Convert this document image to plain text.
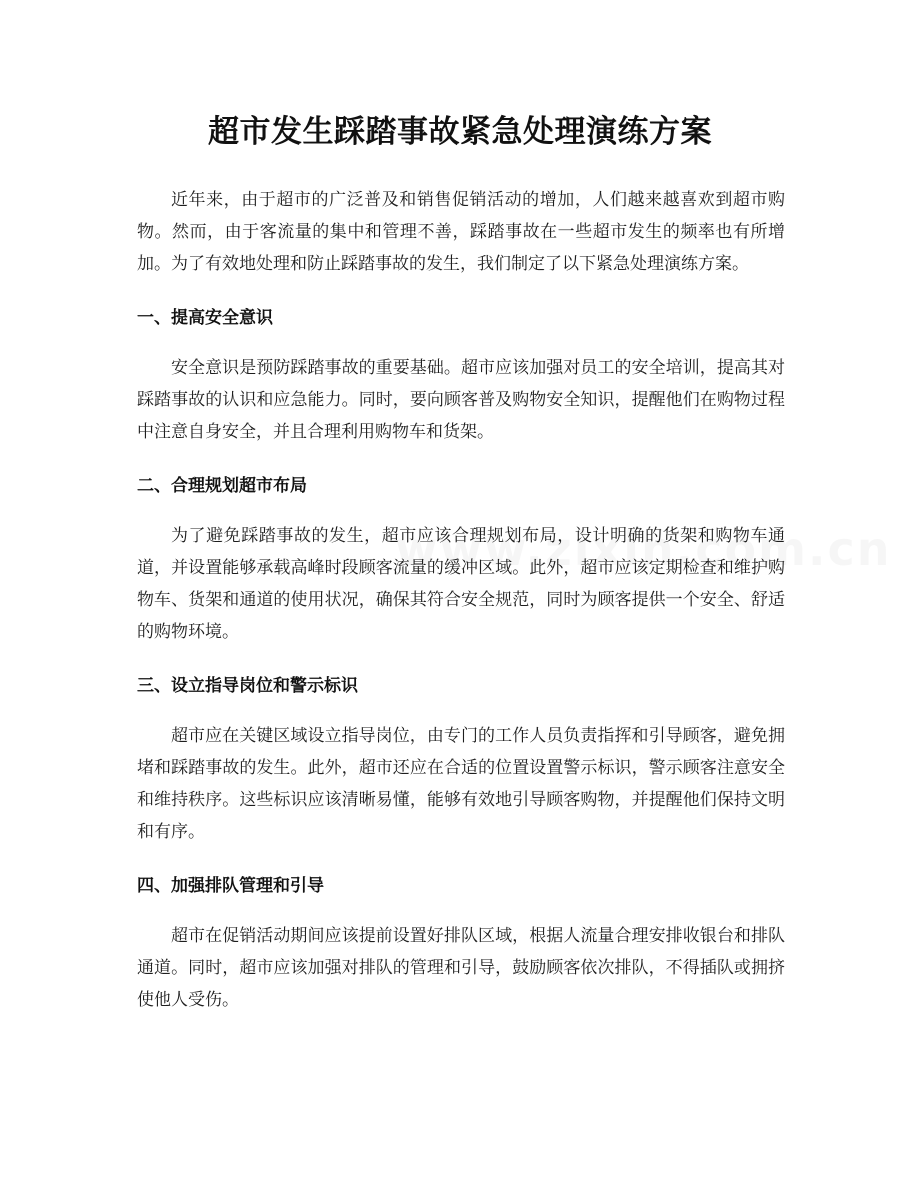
超市发生踩踏事故紧急处理演练方案

近年来，由于超市的广泛普及和销售促销活动的增加，人们越来越喜欢到超市购物。然而，由于客流量的集中和管理不善，踩踏事故在一些超市发生的频率也有所增加。为了有效地处理和防止踩踏事故的发生，我们制定了以下紧急处理演练方案。

一、提高安全意识

安全意识是预防踩踏事故的重要基础。超市应该加强对员工的安全培训，提高其对踩踏事故的认识和应急能力。同时，要向顾客普及购物安全知识，提醒他们在购物过程中注意自身安全，并且合理利用购物车和货架。

二、合理规划超市布局

为了避免踩踏事故的发生，超市应该合理规划布局，设计明确的货架和购物车通道，并设置能够承载高峰时段顾客流量的缓冲区域。此外，超市应该定期检查和维护购物车、货架和通道的使用状况，确保其符合安全规范，同时为顾客提供一个安全、舒适的购物环境。

三、设立指导岗位和警示标识

超市应在关键区域设立指导岗位，由专门的工作人员负责指挥和引导顾客，避免拥堵和踩踏事故的发生。此外，超市还应在合适的位置设置警示标识，警示顾客注意安全和维持秩序。这些标识应该清晰易懂，能够有效地引导顾客购物，并提醒他们保持文明和有序。

四、加强排队管理和引导

超市在促销活动期间应该提前设置好排队区域，根据人流量合理安排收银台和排队通道。同时，超市应该加强对排队的管理和引导，鼓励顾客依次排队，不得插队或拥挤使他人受伤。
